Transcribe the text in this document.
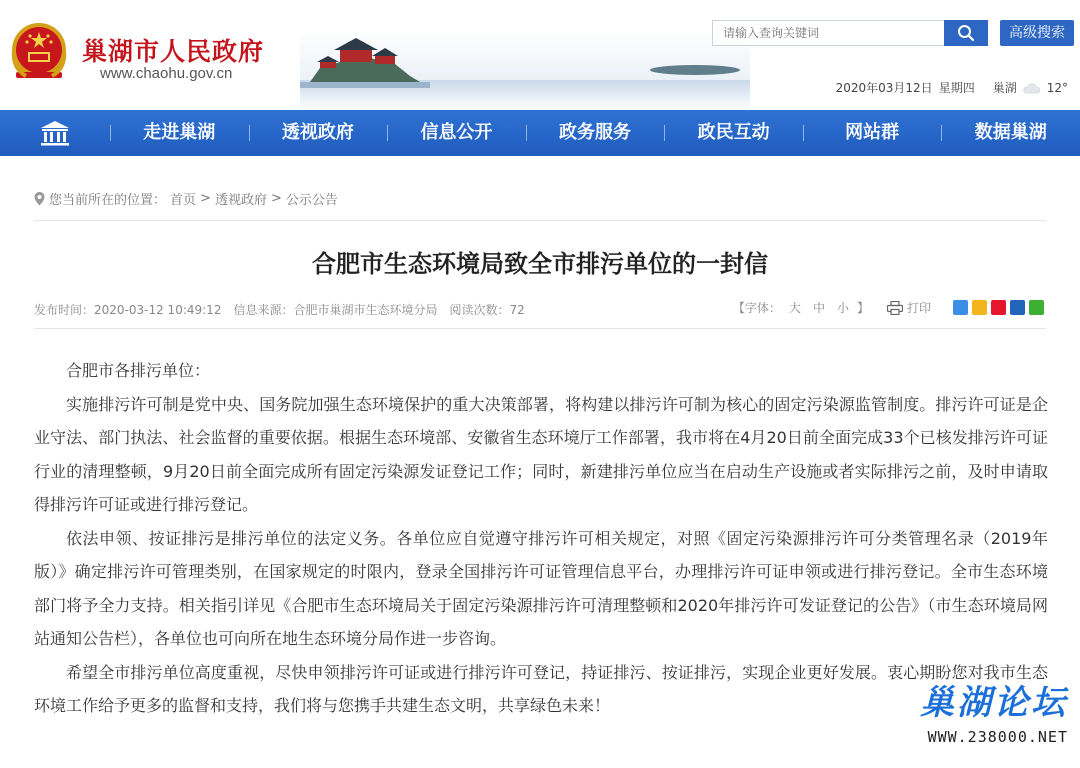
巢湖市人民政府
www.chaohu.gov.cn
请输入查询关键词
高级搜索
2020年03月12日 星期四 巢湖	12°
走进巢湖	透视政府	信息公开	政务服务	政民互动	网站群	数据巢湖
您当前所在的位置： 首页 > 透视政府 > 公示公告
合肥市生态环境局致全市排污单位的一封信
发布时间：2020-03-12 10:49:12 信息来源：合肥市巢湖市生态环境分局 阅读次数：72	【字体： 大	中	小 】	打印

合肥市各排污单位：

实施排污许可制是党中央、国务院加强生态环境保护的重大决策部署，将构建以排污许可制为核心的固定污染源监管制度。排污许可证是企业守法、部门执法、社会监督的重要依据。根据生态环境部、安徽省生态环境厅工作部署，我市将在4月20日前全面完成33个已核发排污许可证行业的清理整顿，9月20日前全面完成所有固定污染源发证登记工作；同时，新建排污单位应当在启动生产设施或者实际排污之前，及时申请取得排污许可证或进行排污登记。

依法申领、按证排污是排污单位的法定义务。各单位应自觉遵守排污许可相关规定，对照《固定污染源排污许可分类管理名录（2019年版）》确定排污许可管理类别，在国家规定的时限内，登录全国排污许可证管理信息平台，办理排污许可证申领或进行排污登记。全市生态环境部门将予全力支持。相关指引详见《合肥市生态环境局关于固定污染源排污许可清理整顿和2020年排污许可发证登记的公告》（市生态环境局网站通知公告栏），各单位也可向所在地生态环境分局作进一步咨询。

希望全市排污单位高度重视，尽快申领排污许可证或进行排污许可登记，持证排污、按证排污，实现企业更好发展。衷心期盼您对我市生态环境工作给予更多的监督和支持，我们将与您携手共建生态文明，共享绿色未来！	巢湖论坛
WWW.238000.NET
